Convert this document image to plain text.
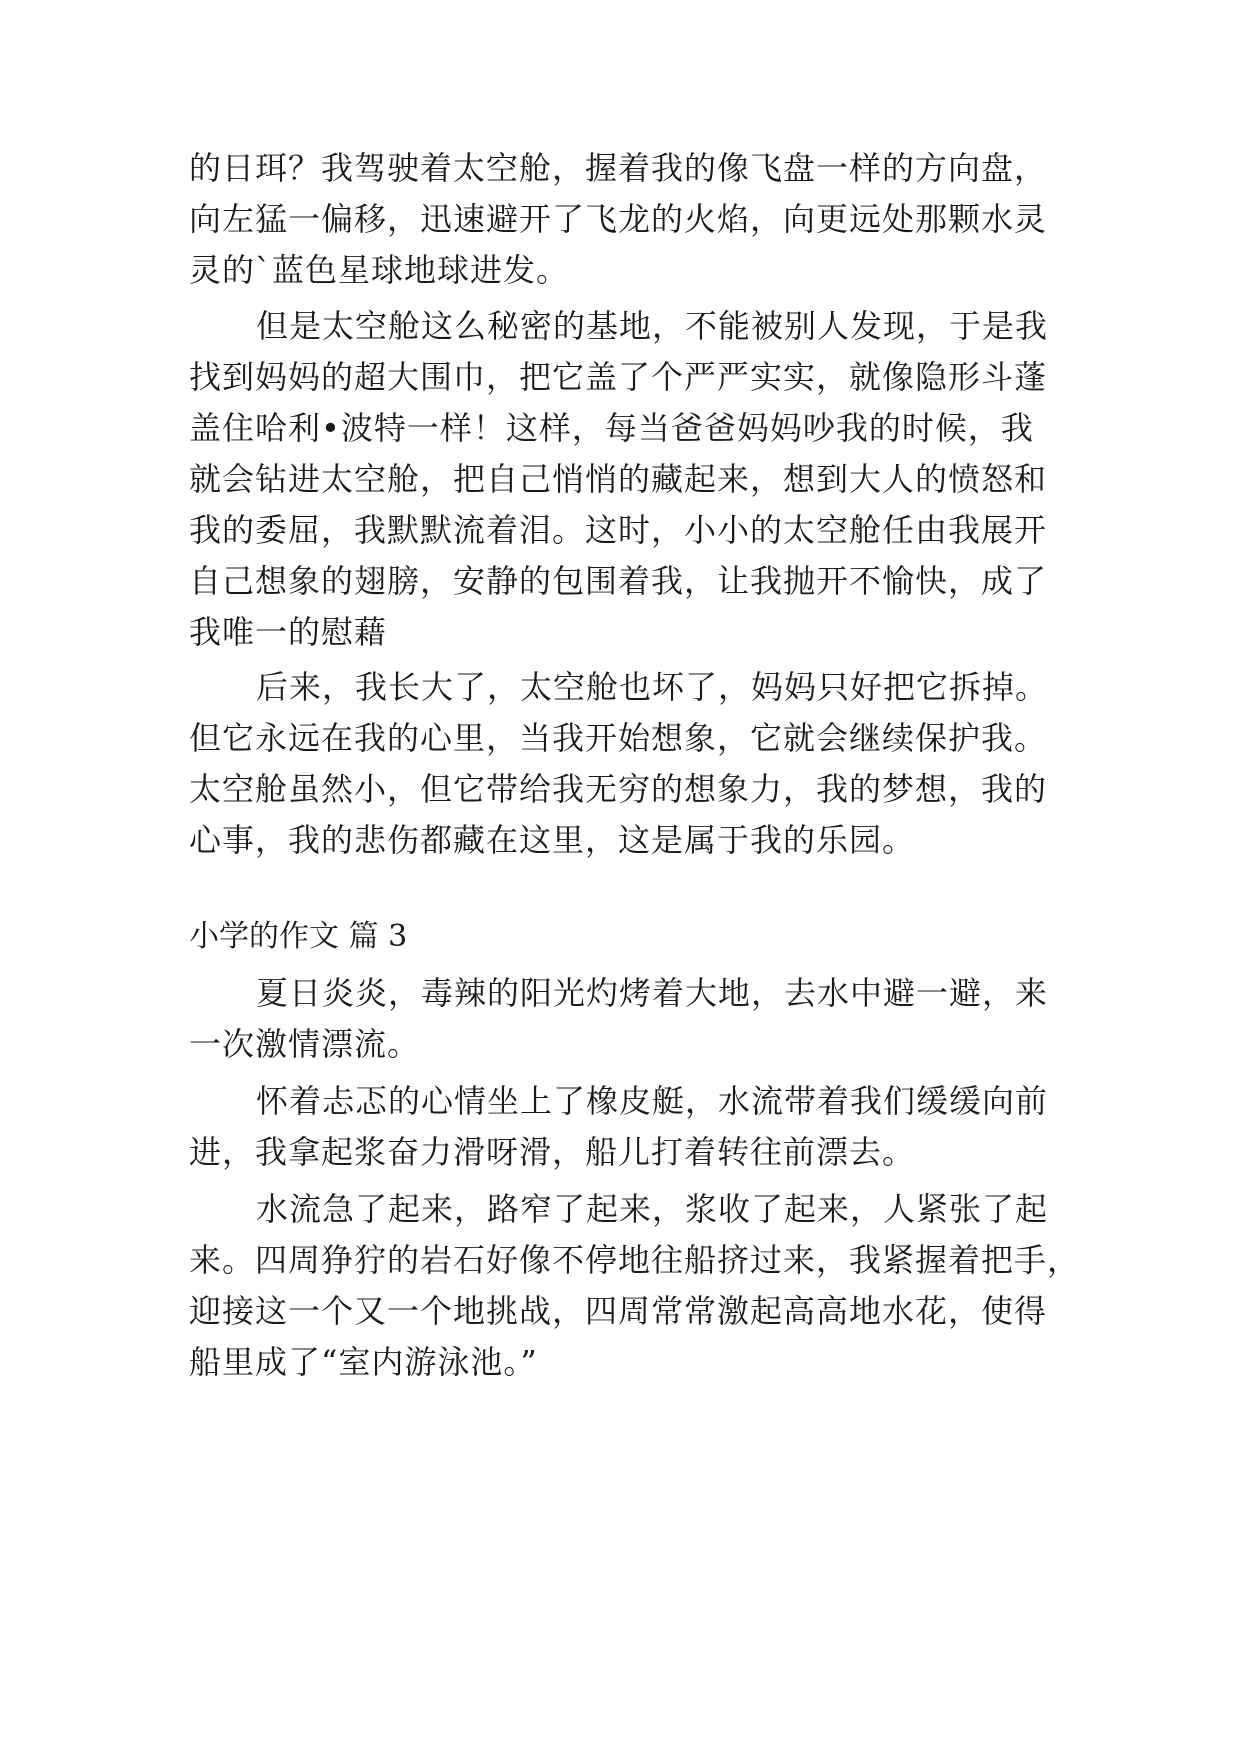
的日珥？我驾驶着太空舱，握着我的像飞盘一样的方向盘，
向左猛一偏移，迅速避开了飞龙的火焰，向更远处那颗水灵
灵的`蓝色星球地球进发。
但是太空舱这么秘密的基地，不能被别人发现，于是我
找到妈妈的超大围巾，把它盖了个严严实实，就像隐形斗蓬
盖住哈利•波特一样！这样，每当爸爸妈妈吵我的时候，我
就会钻进太空舱，把自己悄悄的藏起来，想到大人的愤怒和
我的委屈，我默默流着泪。这时，小小的太空舱任由我展开
自己想象的翅膀，安静的包围着我，让我抛开不愉快，成了
我唯一的慰藉
后来，我长大了，太空舱也坏了，妈妈只好把它拆掉。
但它永远在我的心里，当我开始想象，它就会继续保护我。
太空舱虽然小，但它带给我无穷的想象力，我的梦想，我的
心事，我的悲伤都藏在这里，这是属于我的乐园。
小学的作文 篇 3
夏日炎炎，毒辣的阳光灼烤着大地，去水中避一避，来
一次激情漂流。
怀着忐忑的心情坐上了橡皮艇，水流带着我们缓缓向前
进，我拿起浆奋力滑呀滑，船儿打着转往前漂去。
水流急了起来，路窄了起来，浆收了起来，人紧张了起
来。四周狰狞的岩石好像不停地往船挤过来，我紧握着把手，
迎接这一个又一个地挑战，四周常常激起高高地水花，使得
船里成了“室内游泳池。”
